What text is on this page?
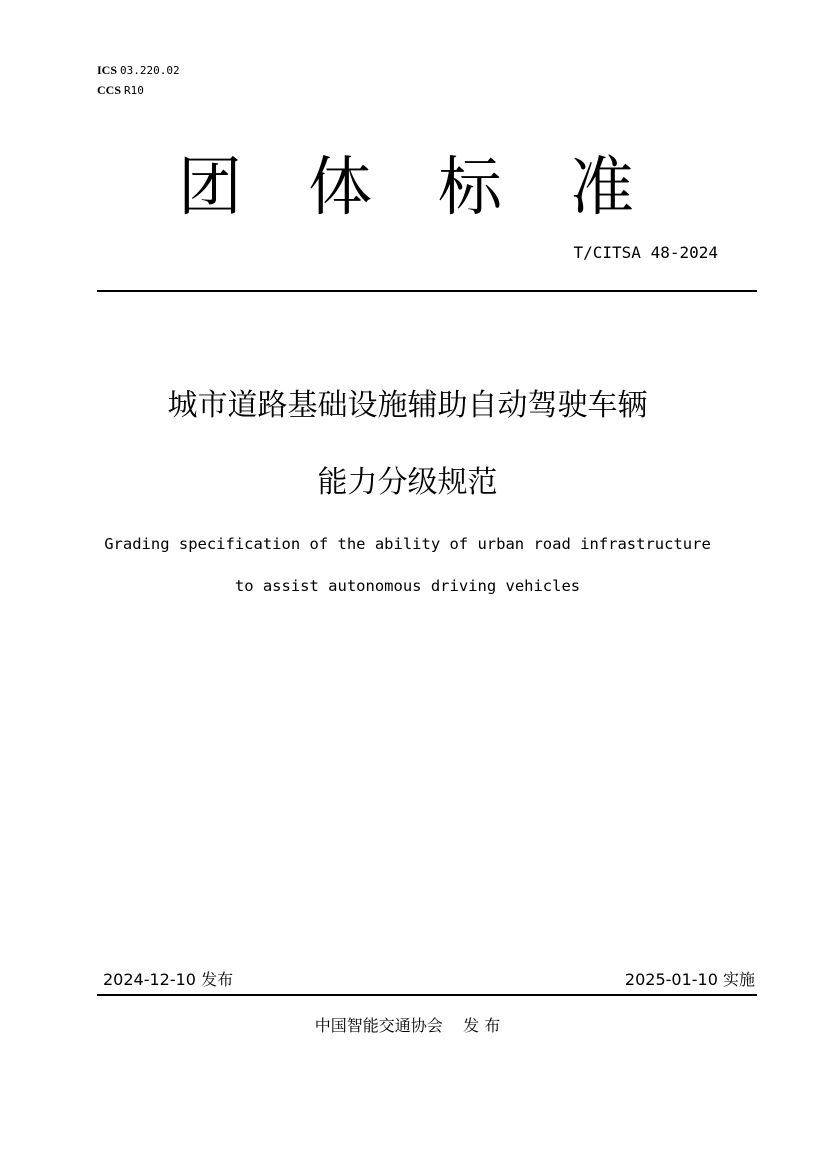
ICS 03.220.02
CCS R10
团 体 标 准
T/CITSA 48-2024
城市道路基础设施辅助自动驾驶车辆
能力分级规范
Grading specification of the ability of urban road infrastructure
to assist autonomous driving vehicles
2024-12-10 发布	2025-01-10 实施
中国智能交通协会    发 布
